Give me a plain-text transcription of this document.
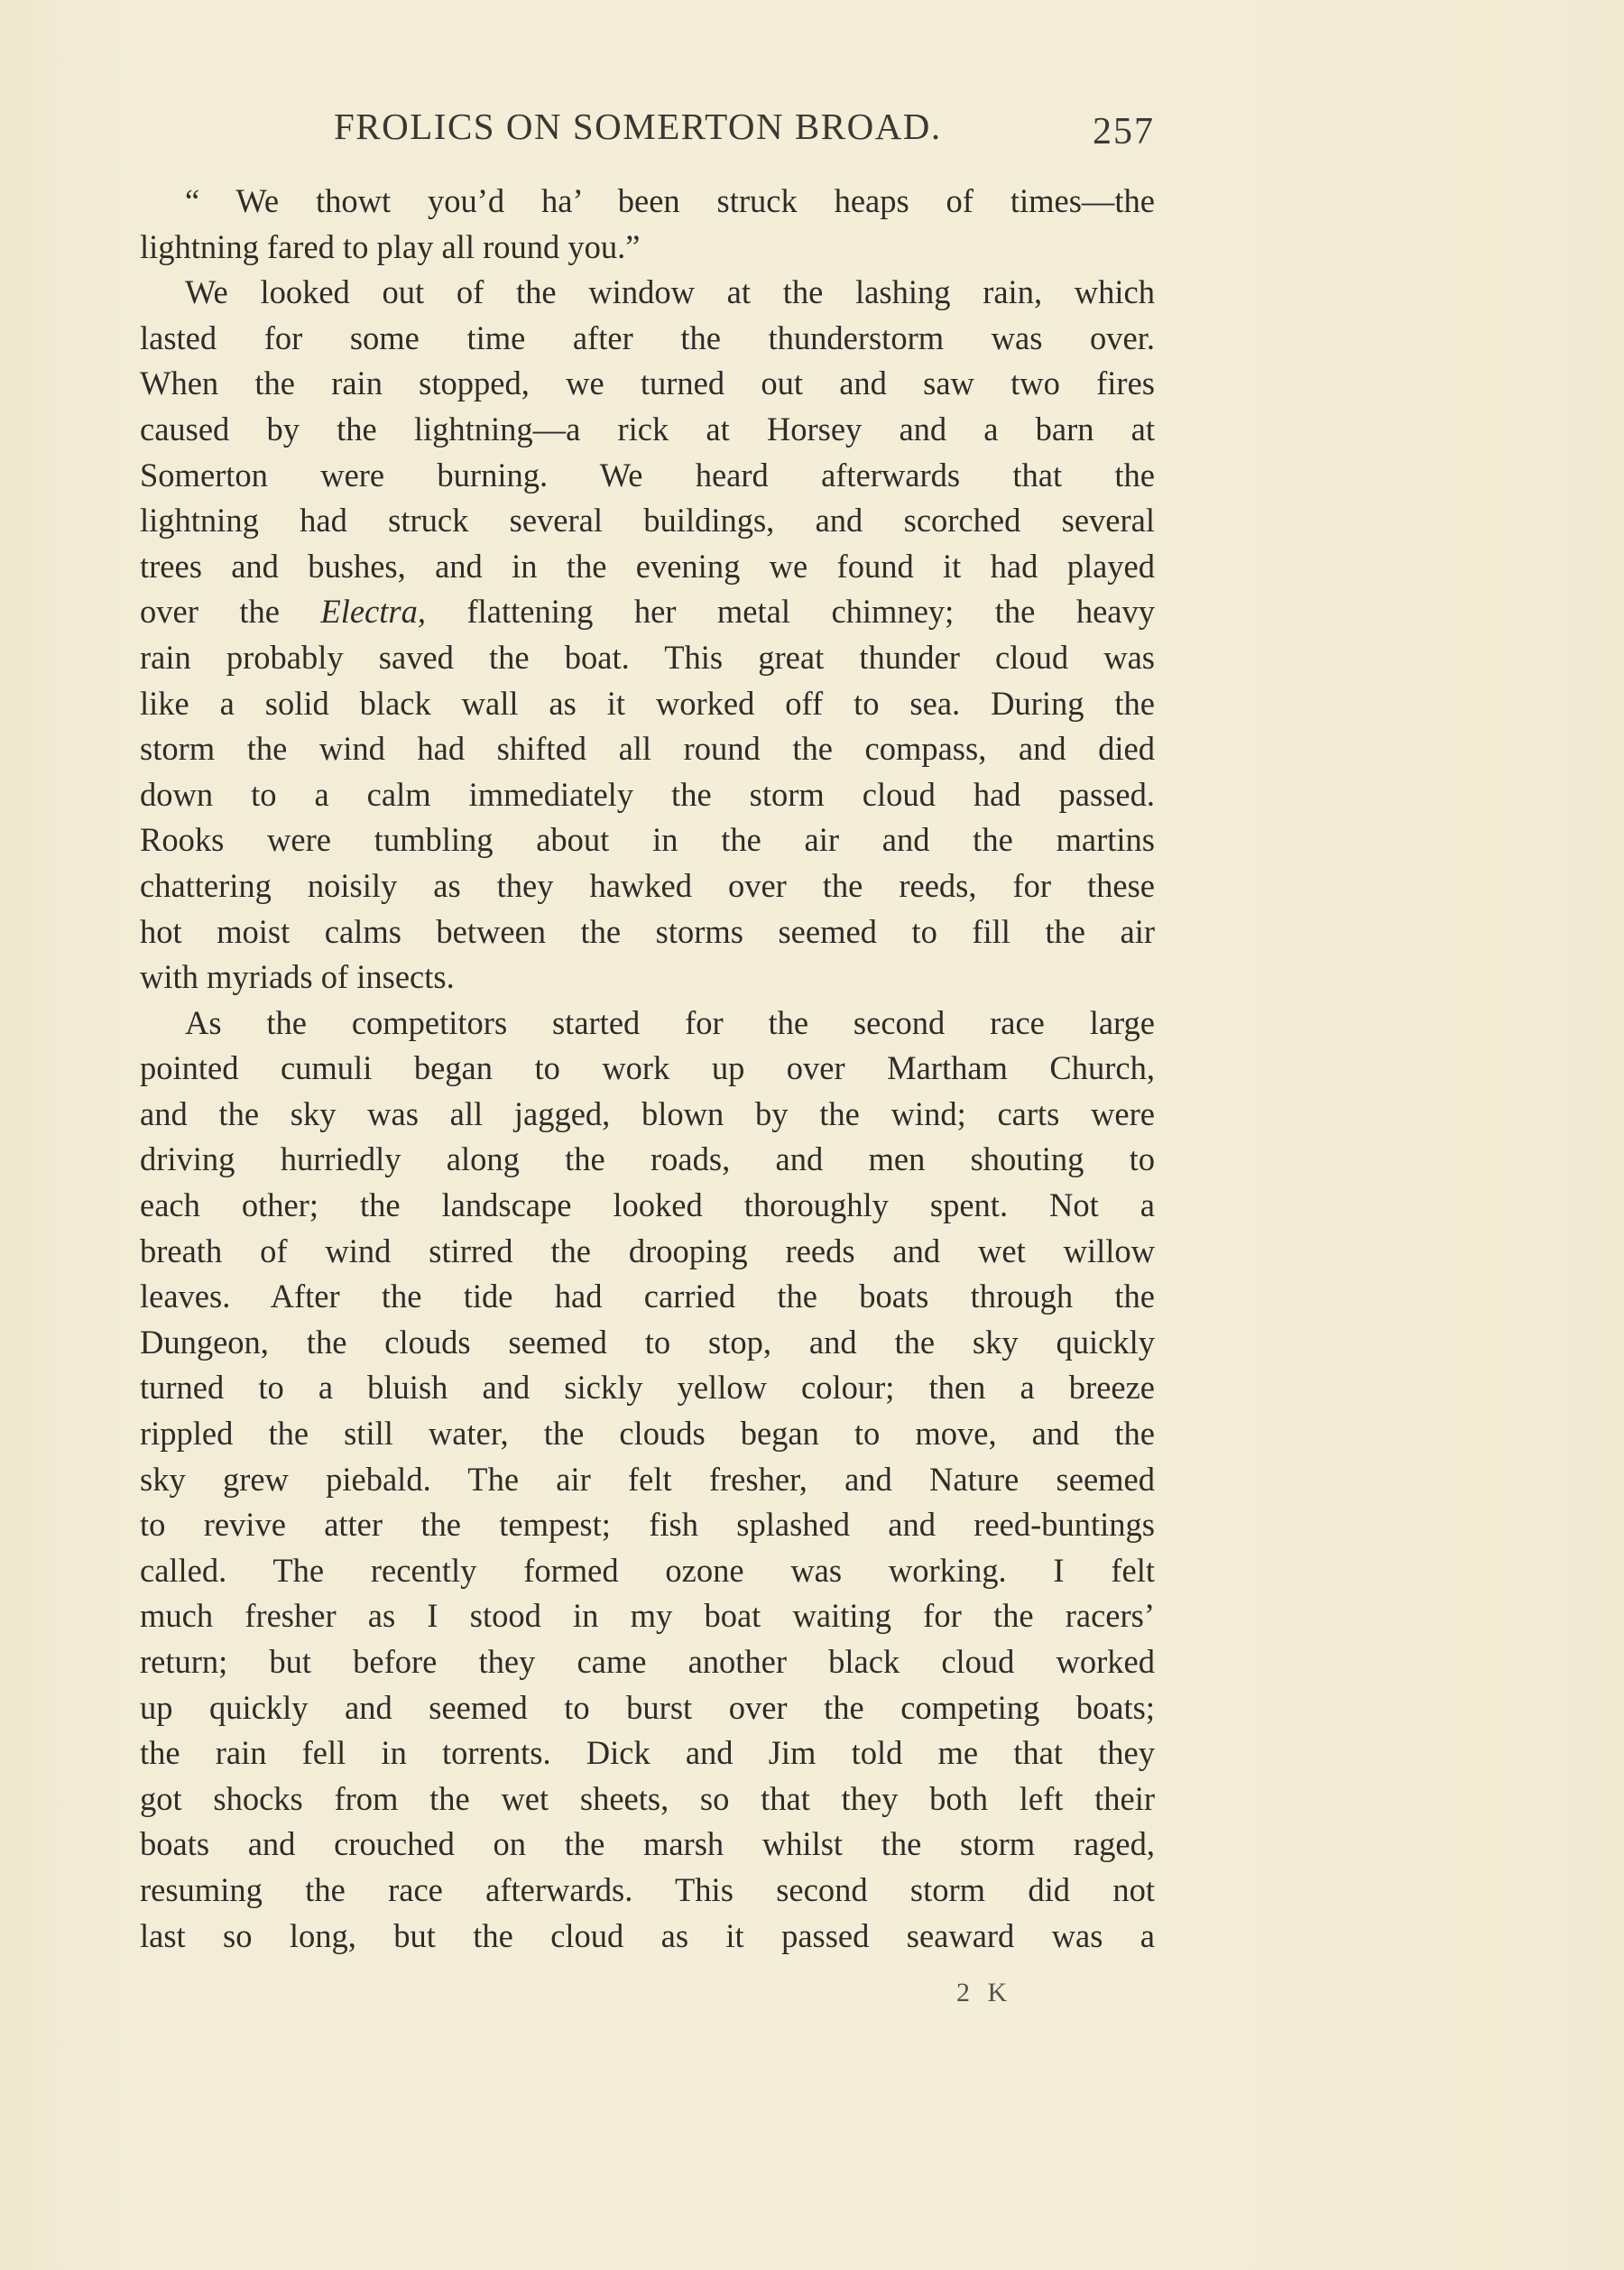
FROLICS ON SOMERTON BROAD.	257
“ We thowt you’d ha’ been struck heaps of times—the
lightning fared to play all round you.”
We looked out of the window at the lashing rain, which
lasted for some time after the thunderstorm was over.
When the rain stopped, we turned out and saw two fires
caused by the lightning—a rick at Horsey and a barn at
Somerton were burning. We heard afterwards that the
lightning had struck several buildings, and scorched several
trees and bushes, and in the evening we found it had played
over the Electra, flattening her metal chimney; the heavy
rain probably saved the boat. This great thunder cloud was
like a solid black wall as it worked off to sea. During the
storm the wind had shifted all round the compass, and died
down to a calm immediately the storm cloud had passed.
Rooks were tumbling about in the air and the martins
chattering noisily as they hawked over the reeds, for these
hot moist calms between the storms seemed to fill the air
with myriads of insects.
As the competitors started for the second race large
pointed cumuli began to work up over Martham Church,
and the sky was all jagged, blown by the wind; carts were
driving hurriedly along the roads, and men shouting to
each other; the landscape looked thoroughly spent. Not a
breath of wind stirred the drooping reeds and wet willow
leaves. After the tide had carried the boats through the
Dungeon, the clouds seemed to stop, and the sky quickly
turned to a bluish and sickly yellow colour; then a breeze
rippled the still water, the clouds began to move, and the
sky grew piebald. The air felt fresher, and Nature seemed
to revive atter the tempest; fish splashed and reed-buntings
called. The recently formed ozone was working. I felt
much fresher as I stood in my boat waiting for the racers’
return; but before they came another black cloud worked
up quickly and seemed to burst over the competing boats;
the rain fell in torrents. Dick and Jim told me that they
got shocks from the wet sheets, so that they both left their
boats and crouched on the marsh whilst the storm raged,
resuming the race afterwards. This second storm did not
last so long, but the cloud as it passed seaward was a
2 K
